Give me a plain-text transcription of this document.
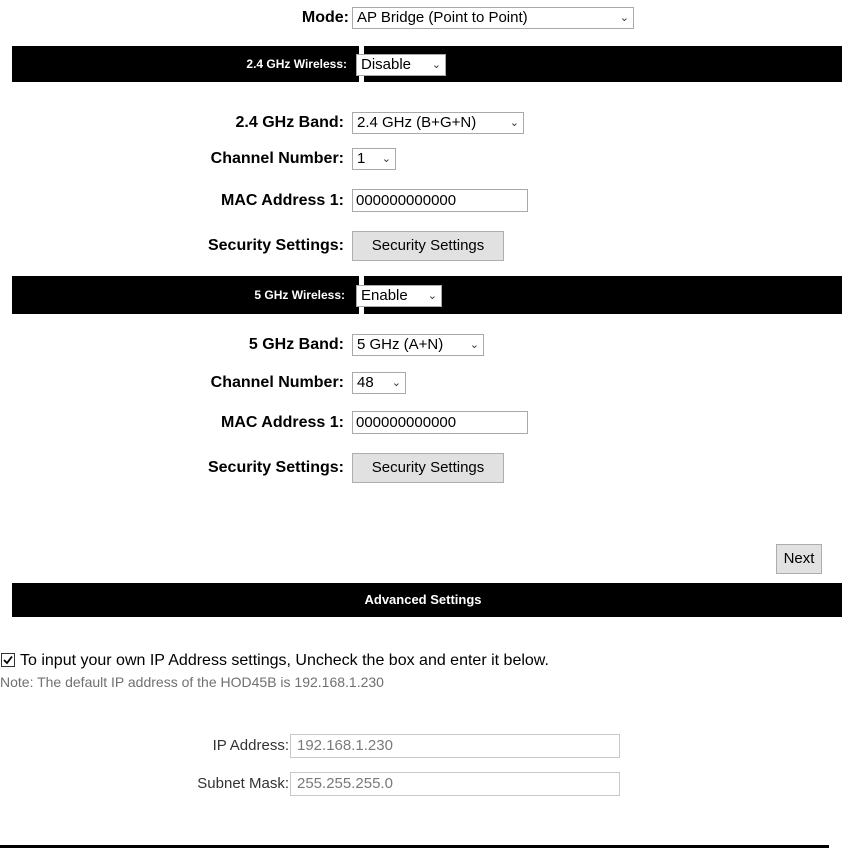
Mode: AP Bridge (Point to Point)	⌄
2.4 GHz Wireless: Disable ⌄
2.4 GHz Band: 2.4 GHz (B+G+N)	⌄
Channel Number: 1 ⌄
MAC Address 1: 000000000000
Security Settings:	Security Settings
5 GHz Wireless:	Enable ⌄
5 GHz Band: 5 GHz (A+N) ⌄
Channel Number: 48 ⌄
MAC Address 1: 000000000000
Security Settings:	Security Settings
Next
Advanced Settings
To input your own IP Address settings, Uncheck the box and enter it below.
Note: The default IP address of the HOD45B is 192.168.1.230
IP Address: 192.168.1.230
Subnet Mask: 255.255.255.0
